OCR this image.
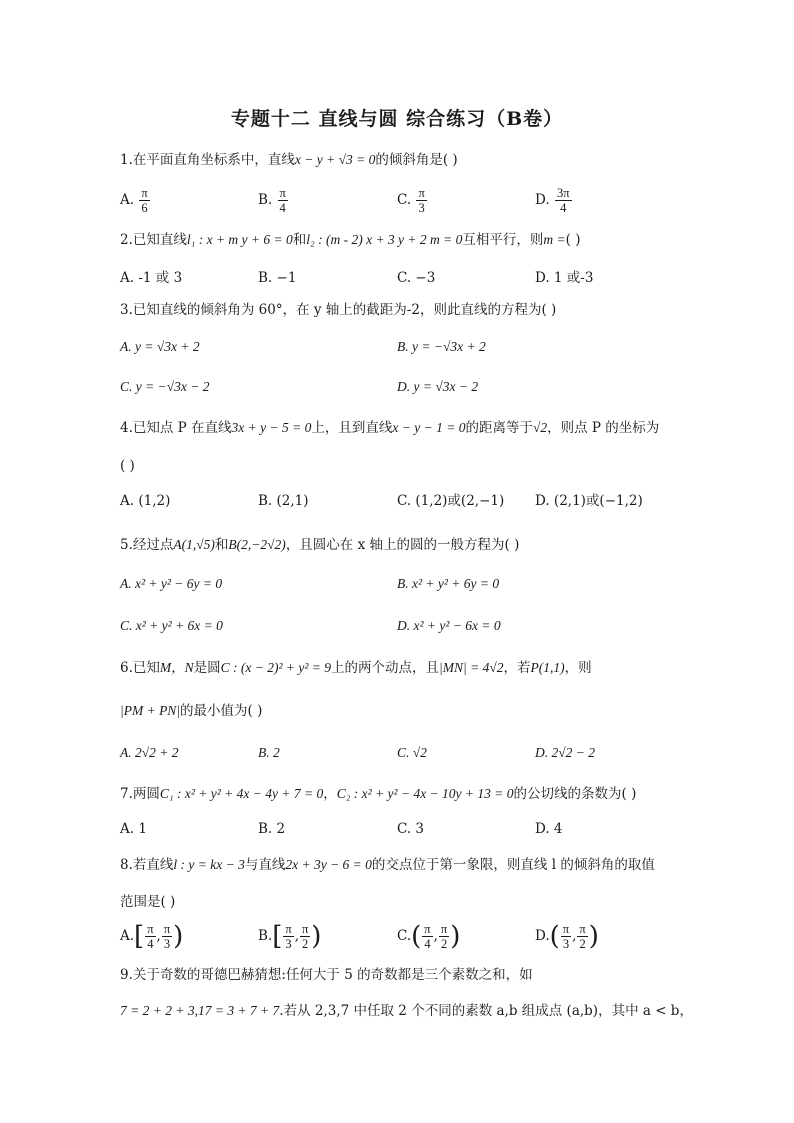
专题十二 直线与圆 综合练习（B卷）
1.在平面直角坐标系中，直线x − y + √3 = 0的倾斜角是( )
A. $\frac{\pi}{6}$	B. $\frac{\pi}{4}$	C. $\frac{\pi}{3}$	D. $\frac{3\pi}{4}$
2.已知直线l₁ : x + m y + 6 = 0和l₂ : (m - 2) x + 3 y + 2 m = 0互相平行，则m =( )
A. -1 或 3	B. −1	C. −3	D. 1 或-3
3.已知直线的倾斜角为 60°，在 y 轴上的截距为-2，则此直线的方程为( )
A. y = √3x + 2	B. y = −√3x + 2
C. y = −√3x − 2	D. y = √3x − 2
4.已知点 P 在直线3x + y − 5 = 0上，且到直线x − y − 1 = 0的距离等于√2，则点 P 的坐标为
( )
A. (1,2)	B. (2,1)	C. (1,2)或(2,−1) D. (2,1)或(−1,2)
5.经过点A(1,√5)和B(2,−2√2)，且圆心在 x 轴上的圆的一般方程为( )
A. x² + y² − 6y = 0	B. x² + y² + 6y = 0
C. x² + y² + 6x = 0	D. x² + y² − 6x = 0
6.已知M，N是圆C : (x − 2)² + y² = 9上的两个动点，且|MN| = 4√2，若P(1,1)，则
|PM + PN|的最小值为( )
A. 2√2 + 2	B. 2	C. √2	D. 2√2 − 2
7.两圆C₁ : x² + y² + 4x − 4y + 7 = 0，C₂ : x² + y² − 4x − 10y + 13 = 0的公切线的条数为( )
A. 1	B. 2	C. 3	D. 4
8.若直线l : y = kx − 3与直线2x + 3y − 6 = 0的交点位于第一象限，则直线 l 的倾斜角的取值
范围是( )
$A.[ \frac{\pi}{4}$ , $\frac{\pi}{3}$ )	$B.[ \frac{\pi}{3}$ , $\frac{\pi}{2}$ )	$C.( \frac{\pi}{4}$ , $\frac{\pi}{2}$ )	$D.( \frac{\pi}{3}$ , $\frac{\pi}{2}$ )
9.关于奇数的哥德巴赫猜想:任何大于 5 的奇数都是三个素数之和，如
7 = 2 + 2 + 3,17 = 3 + 7 + 7.若从 2,3,7 中任取 2 个不同的素数 a,b 组成点 (a,b)，其中 a < b，
